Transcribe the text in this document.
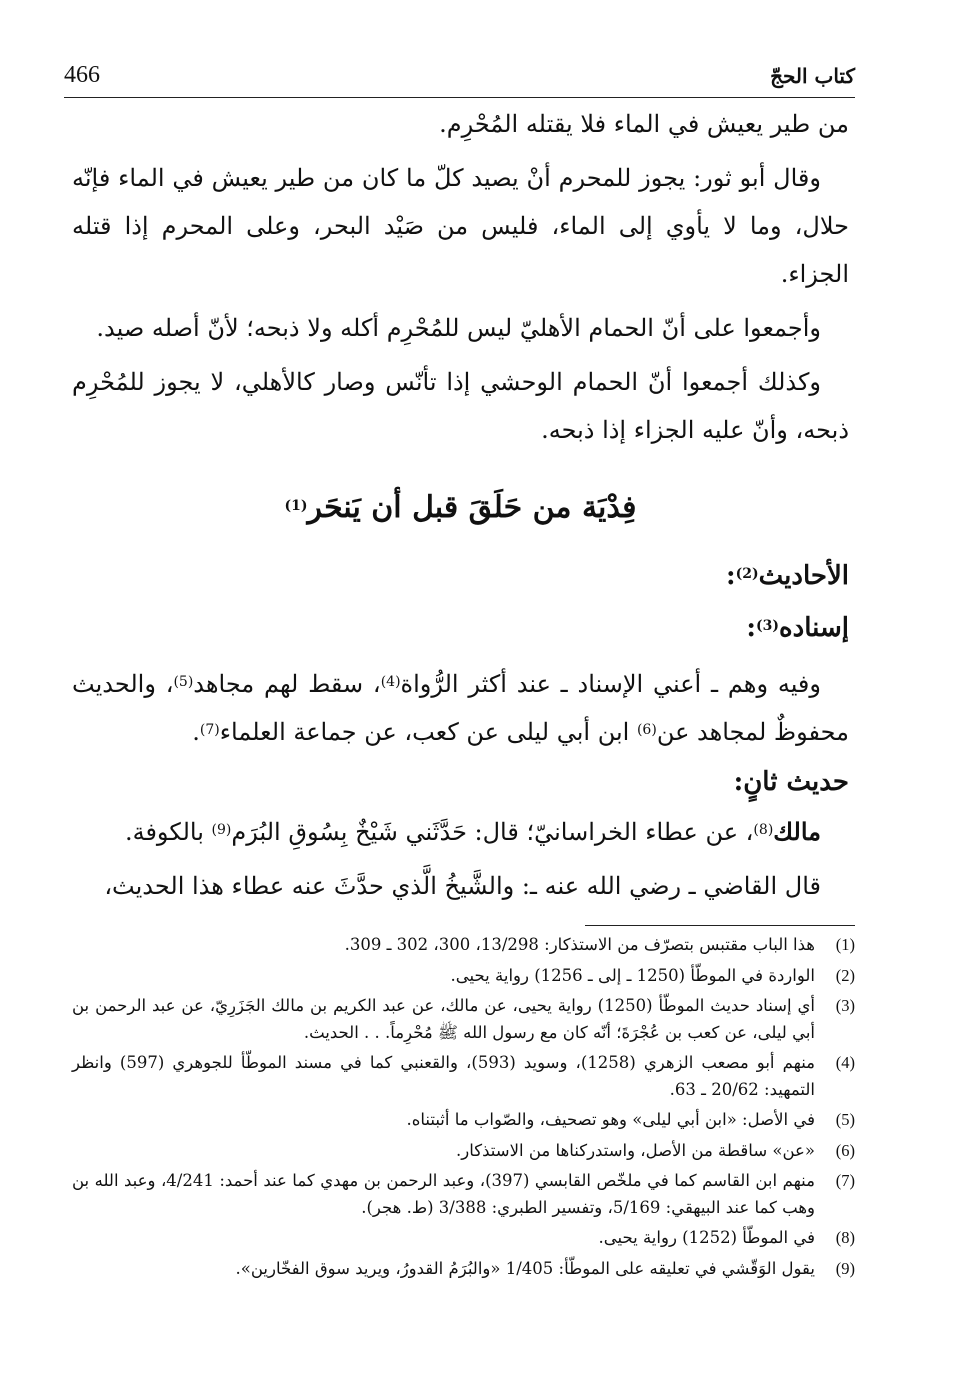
466	كتاب الحجّ

من طير يعيش في الماء فلا يقتله المُحْرِم.

وقال أبو ثور: يجوز للمحرم أنْ يصيد كلّ ما كان من طير يعيش في الماء فإنّه حلال، وما لا يأوي إلى الماء، فليس من صَيْد البحر، وعلى المحرم إذا قتله الجزاء.

وأجمعوا على أنّ الحمام الأهليّ ليس للمُحْرِم أكله ولا ذبحه؛ لأنّ أصله صيد.

وكذلك أجمعوا أنّ الحمام الوحشي إذا تأنّس وصار كالأهلي، لا يجوز للمُحْرِم ذبحه، وأنّ عليه الجزاء إذا ذبحه.

فِدْيَة من حَلَقَ قبل أن يَنحَر$^{(1)}$

الأحاديث$^{(2)}$:

إسناده$^{(3)}$:

وفيه وهم ـ أعني الإسناد ـ عند أكثر الرُّواة$^{(4)}$، سقط لهم مجاهد$^{(5)}$، والحديث محفوظٌ لمجاهد عن$^{(6)}$ ابن أبي ليلى عن كعب، عن جماعة العلماء$^{(7)}$.

حديث ثانٍ:

مالك$^{(8)}$، عن عطاء الخراسانيّ؛ قال: حَدَّثَني شَيْخٌ بِسُوقِ البُرَم$^{(9)}$ بالكوفة.

قال القاضي ـ رضي الله عنه ـ: والشَّيخُ الَّذي حدَّثَ عنه عطاء هذا الحديث،

(1)
هذا الباب مقتبس بتصرّف من الاستذكار: 13/298، 300، 302 ـ 309.
(2)
الواردة في الموطّأ (1250 ـ إلى ـ 1256) رواية يحيى.
(3)
أي إسناد حديث الموطّأ (1250) رواية يحيى، عن مالك، عن عبد الكريم بن مالك الجَزَرِيّ، عن عبد الرحمن بن أبي ليلى، عن كعب بن عُجْرَةَ؛ أنّه كان مع رسول الله ﷺ مُحْرِماً. . . الحديث.
(4)
منهم أبو مصعب الزهري (1258)، وسويد (593)، والقعنبي كما في مسند الموطّأ للجوهري (597) وانظر التمهيد: 20/62 ـ 63.
(5)
في الأصل: «ابن أبي ليلى» وهو تصحيف، والصّواب ما أثبتناه.
(6)
«عن» ساقطة من الأصل، واستدركناها من الاستذكار.
(7)
منهم ابن القاسم كما في ملخّص القابسي (397)، وعبد الرحمن بن مهدي كما عند أحمد: 4/241، وعبد الله بن وهب كما عند البيهقي: 5/169، وتفسير الطبري: 3/388 (ط. هجر).
(8)
في الموطّأ (1252) رواية يحيى.
(9)
يقول الوَقّشي في تعليقه على الموطّأ: 1/405 «والبُرَمُ القدورُ، ويريد سوق الفخّارين».
